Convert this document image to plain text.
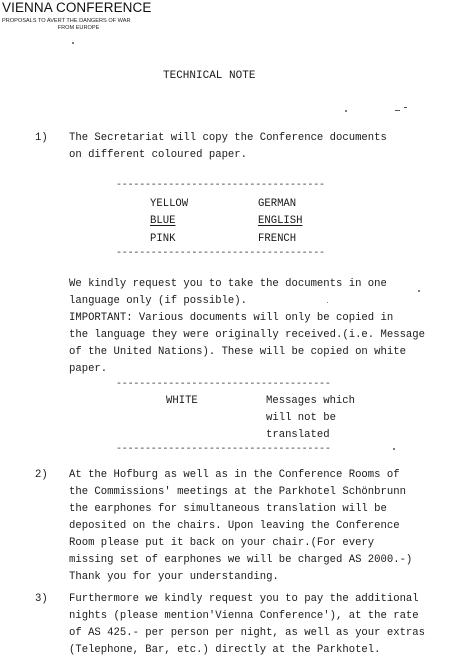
VIENNA CONFERENCE
PROPOSALS TO AVERT THE DANGERS OF WAR
FROM EUROPE
TECHNICAL NOTE
1) The Secretariat will copy the Conference documents
on different coloured paper.
------------------------------------
YELLOW	GERMAN
BLUE	ENGLISH
PINK	FRENCH
------------------------------------
We kindly request you to take the documents in one
language only (if possible).
IMPORTANT: Various documents will only be copied in
the language they were originally received.(i.e. Message
of the United Nations). These will be copied on white
paper.
-------------------------------------
WHITE	Messages which
will not be
translated
-------------------------------------
2) At the Hofburg as well as in the Conference Rooms of
the Commissions' meetings at the Parkhotel Schönbrunn
the earphones for simultaneous translation will be
deposited on the chairs. Upon leaving the Conference
Room please put it back on your chair.(For every
missing set of earphones we will be charged AS 2000.-)
Thank you for your understanding.
3) Furthermore we kindly request you to pay the additional
nights (please mention'Vienna Conference'), at the rate
of AS 425.- per person per night, as well as your extras
(Telephone, Bar, etc.) directly at the Parkhotel.
